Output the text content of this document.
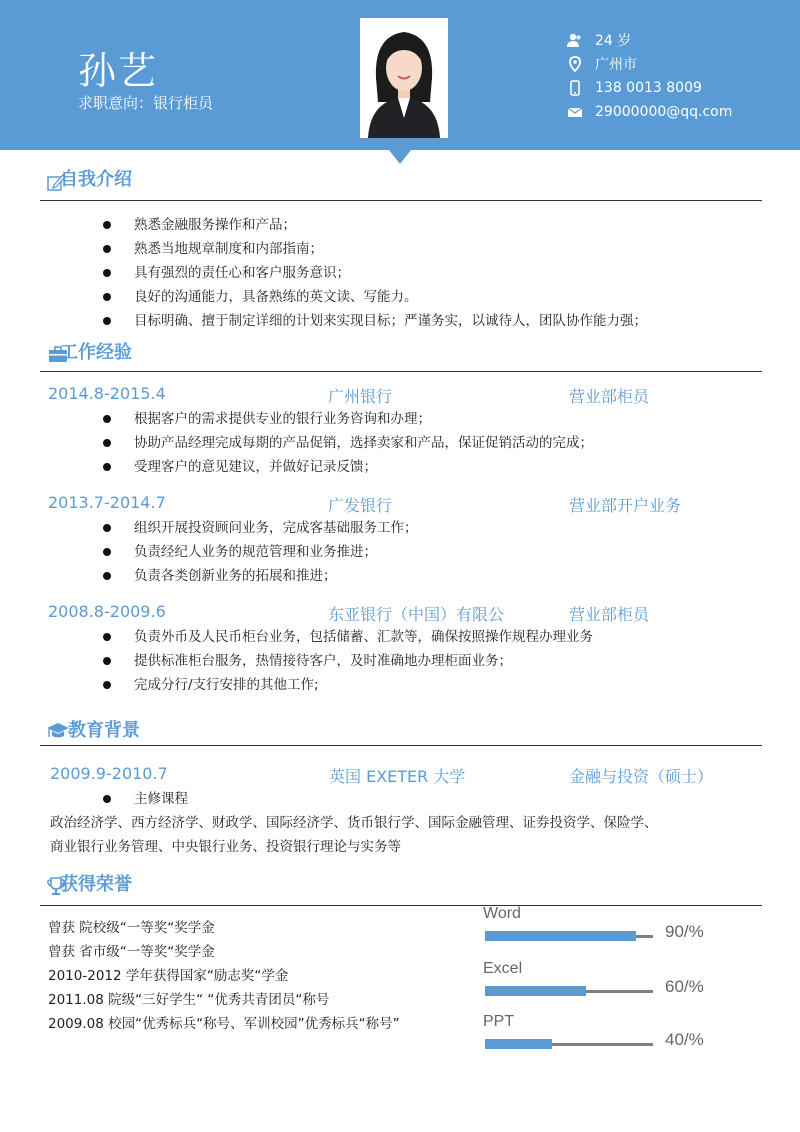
孙艺
求职意向：银行柜员
24 岁
广州市
138 0013 8009
29000000@qq.com
自我介绍
熟悉金融服务操作和产品；
熟悉当地规章制度和内部指南；
具有强烈的责任心和客户服务意识；
良好的沟通能力，具备熟练的英文读、写能力。
目标明确、擅于制定详细的计划来实现目标；严谨务实，以诚待人，团队协作能力强；
工作经验
2014.8-2015.4	广州银行	营业部柜员
根据客户的需求提供专业的银行业务咨询和办理；
协助产品经理完成每期的产品促销，选择卖家和产品，保证促销活动的完成；
受理客户的意见建议，并做好记录反馈；
2013.7-2014.7	广发银行	营业部开户业务
组织开展投资顾问业务，完成客基础服务工作；
负责经纪人业务的规范管理和业务推进；
负责各类创新业务的拓展和推进；
2008.8-2009.6	东亚银行（中国）有限公	营业部柜员
负责外币及人民币柜台业务，包括储蓄、汇款等，确保按照操作规程办理业务
提供标准柜台服务，热情接待客户，及时准确地办理柜面业务；
完成分行/支行安排的其他工作;
教育背景
2009.9-2010.7	英国 EXETER 大学	金融与投资（硕士）
主修课程
政治经济学、西方经济学、财政学、国际经济学、货币银行学、国际金融管理、证券投资学、保险学、
商业银行业务管理、中央银行业务、投资银行理论与实务等
获得荣誉
曾获 院校级“一等奖“奖学金
曾获 省市级“一等奖“奖学金
2010-2012 学年获得国家“励志奖“学金
2011.08 院级“三好学生“ “优秀共青团员“称号
2009.08 校园“优秀标兵“称号、军训校园”优秀标兵“称号”
Word
90/%
Excel
60/%
PPT
40/%
